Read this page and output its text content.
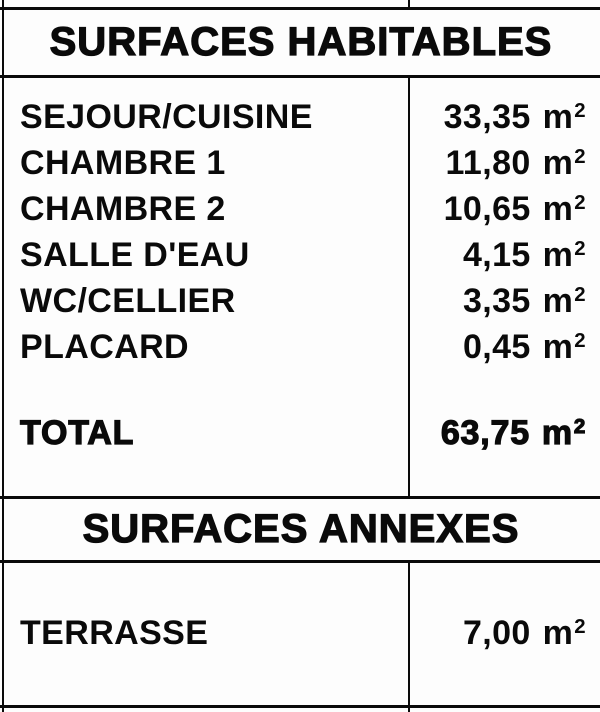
SURFACES HABITABLES
SEJOUR/CUISINE	33,35 $m^2$
CHAMBRE 1	11,80 $m^2$
CHAMBRE 2	10,65 $m^2$
SALLE D'EAU	4,15 $m^2$
WC/CELLIER	3,35 $m^2$
PLACARD	0,45 $m^2$
TOTAL	63,75 $m^2$
SURFACES ANNEXES
TERRASSE	7,00 $m^2$
